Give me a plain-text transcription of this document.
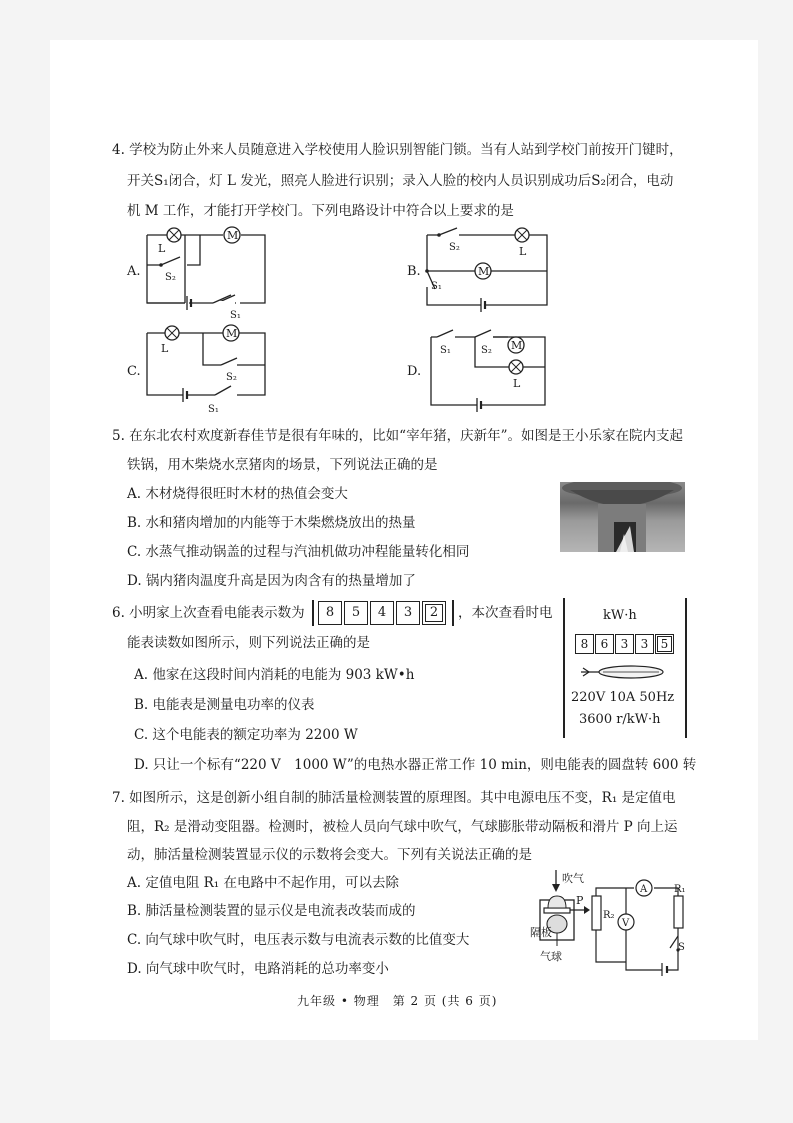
4. 学校为防止外来人员随意进入学校使用人脸识别智能门锁。当有人站到学校门前按开门键时，
开关S₁闭合，灯 L 发光，照亮人脸进行识别；录入人脸的校内人员识别成功后S₂闭合，电动
机 M 工作，才能打开学校门。下列电路设计中符合以上要求的是
A.
L
M
S₂
S₁
B.
S₂	L
M
S₁
C.
L
M
S₂
S₁
D.
S₁	S₂ M
L
5. 在东北农村欢度新春佳节是很有年味的，比如“宰年猪，庆新年”。如图是王小乐家在院内支起
铁锅，用木柴烧水烹猪肉的场景，下列说法正确的是
A. 木材烧得很旺时木材的热值会变大
B. 水和猪肉增加的内能等于木柴燃烧放出的热量
C. 水蒸气推动锅盖的过程与汽油机做功冲程能量转化相同
D. 锅内猪肉温度升高是因为肉含有的热量增加了
6. 小明家上次查看电能表示数为	8 5 4 3 2	，本次查看时电
能表读数如图所示，则下列说法正确的是
A. 他家在这段时间内消耗的电能为 903 kW•h
B. 电能表是测量电功率的仪表
C. 这个电能表的额定功率为 2200 W
D. 只让一个标有“220 V　1000 W”的电热水器正常工作 10 min，则电能表的圆盘转 600 转
kW·h
8 6 3 3 5
220V 10A 50Hz
3600 r/kW·h
7. 如图所示，这是创新小组自制的肺活量检测装置的原理图。其中电源电压不变，R₁ 是定值电
阻，R₂ 是滑动变阻器。检测时，被检人员向气球中吹气，气球膨胀带动隔板和滑片 P 向上运
动，肺活量检测装置显示仪的示数将会变大。下列有关说法正确的是
A. 定值电阻 R₁ 在电路中不起作用，可以去除
B. 肺活量检测装置的显示仪是电流表改装而成的
C. 向气球中吹气时，电压表示数与电流表示数的比值变大
D. 向气球中吹气时，电路消耗的总功率变小
吹气
隔板
气球
P
R₂
A	R₁
V
S
九年级 • 物理　第 2 页 (共 6 页)
